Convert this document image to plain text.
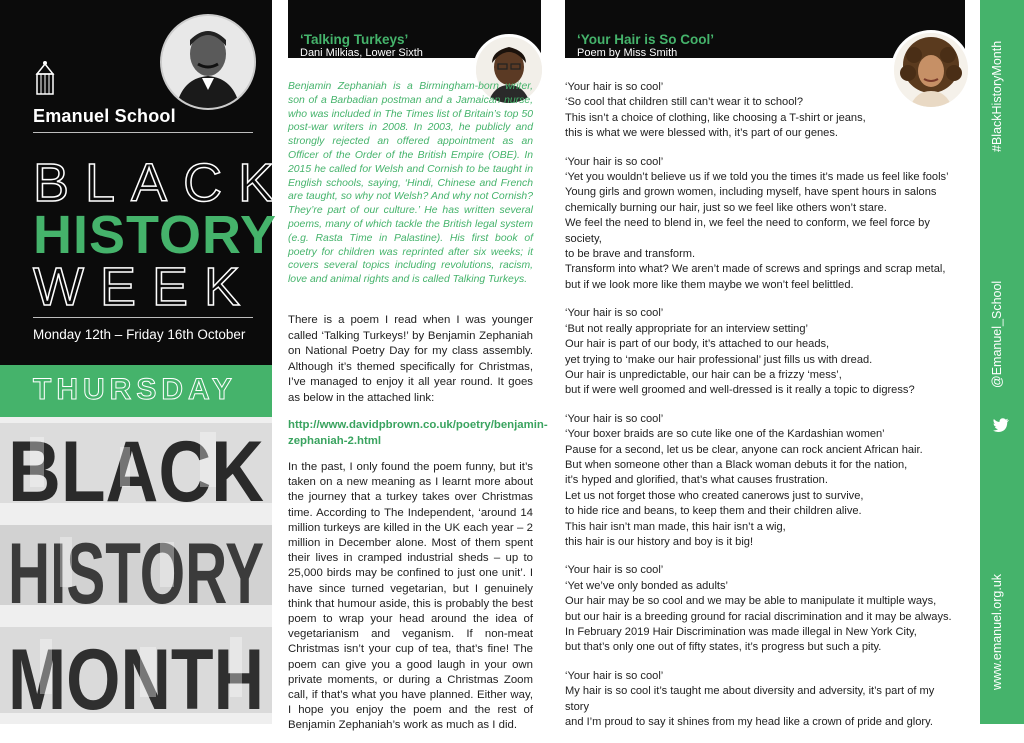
Emanuel School
BLACK
HISTORY
WEEK
Monday 12th – Friday 16th October
THURSDAY
BLACK
HISTORY
MONTH
‘Talking Turkeys’
Dani Milkias, Lower Sixth
Benjamin Zephaniah is a Birmingham-born writer, son of a Barbadian postman and a Jamaican nurse, who was included in The Times list of Britain’s top 50 post-war writers in 2008. In 2003, he publicly and strongly rejected an offered appointment as an Officer of the Order of the British Empire (OBE). In 2015 he called for Welsh and Cornish to be taught in English schools, saying, ‘Hindi, Chinese and French are taught, so why not Welsh? And why not Cornish? They’re part of our culture.’ He has written several poems, many of which tackle the British legal system (e.g. Rasta Time in Palastine). His first book of poetry for children was reprinted after six weeks; it covers several topics including revolutions, racism, love and animal rights and is called Talking Turkeys.
There is a poem I read when I was younger called ‘Talking Turkeys!’ by Benjamin Zephaniah on National Poetry Day for my class assembly. Although it’s themed specifically for Christmas, I’ve managed to enjoy it all year round. It goes as below in the attached link:
http://www.davidpbrown.co.uk/poetry/benjamin-zephaniah-2.html
In the past, I only found the poem funny, but it’s taken on a new meaning as I learnt more about the journey that a turkey takes over Christmas time. According to The Independent, ‘around 14 million turkeys are killed in the UK each year – 2 million in December alone. Most of them spent their lives in cramped industrial sheds – up to 25,000 birds may be confined to just one unit’. I have since turned vegetarian, but I genuinely think that humour aside, this is probably the best poem to wrap your head around the idea of vegetarianism and veganism. If non-meat Christmas isn’t your cup of tea, that’s fine! The poem can give you a good laugh in your own private moments, or during a Christmas Zoom call, if that’s what you have planned. Either way, I hope you enjoy the poem and the rest of Benjamin Zephaniah’s work as much as I did.
‘Your Hair is So Cool’
Poem by Miss Smith

‘Your hair is so cool’

‘So cool that children still can’t wear it to school?

This isn’t a choice of clothing, like choosing a T-shirt or jeans,

this is what we were blessed with, it’s part of our genes.

‘Your hair is so cool’

‘Yet you wouldn’t believe us if we told you the times it’s made us feel like fools’

Young girls and grown women, including myself, have spent hours in salons

chemically burning our hair, just so we feel like others won’t stare.

We feel the need to blend in, we feel the need to conform, we feel force by society,

to be brave and transform.

Transform into what? We aren’t made of screws and springs and scrap metal,

but if we look more like them maybe we won’t feel belittled.

‘Your hair is so cool’

‘But not really appropriate for an interview setting’

Our hair is part of our body, it’s attached to our heads,

yet trying to ‘make our hair professional’ just fills us with dread.

Our hair is unpredictable, our hair can be a frizzy ‘mess’,

but if were well groomed and well-dressed is it really a topic to digress?

‘Your hair is so cool’

‘Your boxer braids are so cute like one of the Kardashian women’

Pause for a second, let us be clear, anyone can rock ancient African hair.

But when someone other than a Black woman debuts it for the nation,

it’s hyped and glorified, that’s what causes frustration.

Let us not forget those who created canerows just to survive,

to hide rice and beans, to keep them and their children alive.

This hair isn’t man made, this hair isn’t a wig,

this hair is our history and boy is it big!

‘Your hair is so cool’

‘Yet we’ve only bonded as adults’

Our hair may be so cool and we may be able to manipulate it multiple ways,

but our hair is a breeding ground for racial discrimination and it may be always.

In February 2019 Hair Discrimination was made illegal in New York City,

but that’s only one out of fifty states, it’s progress but such a pity.

‘Your hair is so cool’

My hair is so cool it’s taught me about diversity and adversity, it’s part of my story

and I’m proud to say it shines from my head like a crown of pride and glory.

#BlackHistoryMonth
@Emanuel_School
www.emanuel.org.uk
